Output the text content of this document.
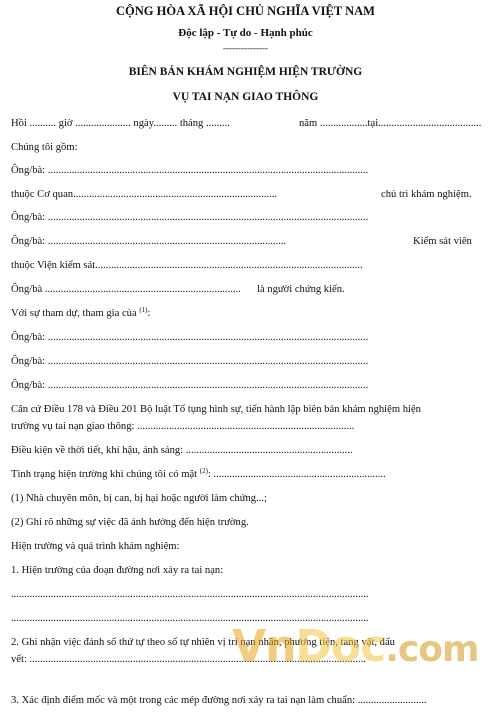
CỘNG HÒA XÃ HỘI CHỦ NGHĨA VIỆT NAM
Độc lập - Tự do - Hạnh phúc
---------------
BIÊN BẢN KHÁM NGHIỆM HIỆN TRƯỜNG
VỤ TAI NẠN GIAO THÔNG
Hồi .......... giờ ..................... ngày......... tháng .........	năm ..................tại.......................................
Chúng tôi gồm:
Ông/bà: .........................................................................................................................
thuộc Cơ quan.............................................................................	chủ trì khám nghiệm.
Ông/bà: .........................................................................................................................
Ông/bà: ..........................................................................................	Kiểm sát viên
thuộc Viện kiểm sát.....................................................................................................
Ông/bà .......................................................................... là người chứng kiến.
Với sự tham dự, tham gia của $^{(1)}$:
Ông/bà: .........................................................................................................................
Ông/bà: .........................................................................................................................
Ông/bà: .........................................................................................................................
Căn cứ Điều 178 và Điều 201 Bộ luật Tố tụng hình sự, tiến hành lập biên bản khám nghiệm hiện
trường vụ tai nạn giao thông: ..................................................................................
Điều kiện về thời tiết, khí hậu, ánh sáng: ...............................................................
Tình trạng hiện trường khi chúng tôi có mặt $^{(2)}$: .................................................................
(1) Nhà chuyên môn, bị can, bị hại hoặc người làm chứng...;
(2) Ghi rõ những sự việc đã ảnh hưởng đến hiện trường.
Hiện trường và quá trình khám nghiệm:
1. Hiện trường của đoạn đường nơi xảy ra tai nạn:
.......................................................................................................................................
.......................................................................................................................................
2. Ghi nhận việc đánh số thứ tự theo số tự nhiên vị trí nạn nhân, phương tiện, tang vật, dấu
vết: ...............................................................................................................................
3. Xác định điểm mốc và một trong các mép đường nơi xảy ra tai nạn làm chuẩn: ..........................
VnDoc.com
